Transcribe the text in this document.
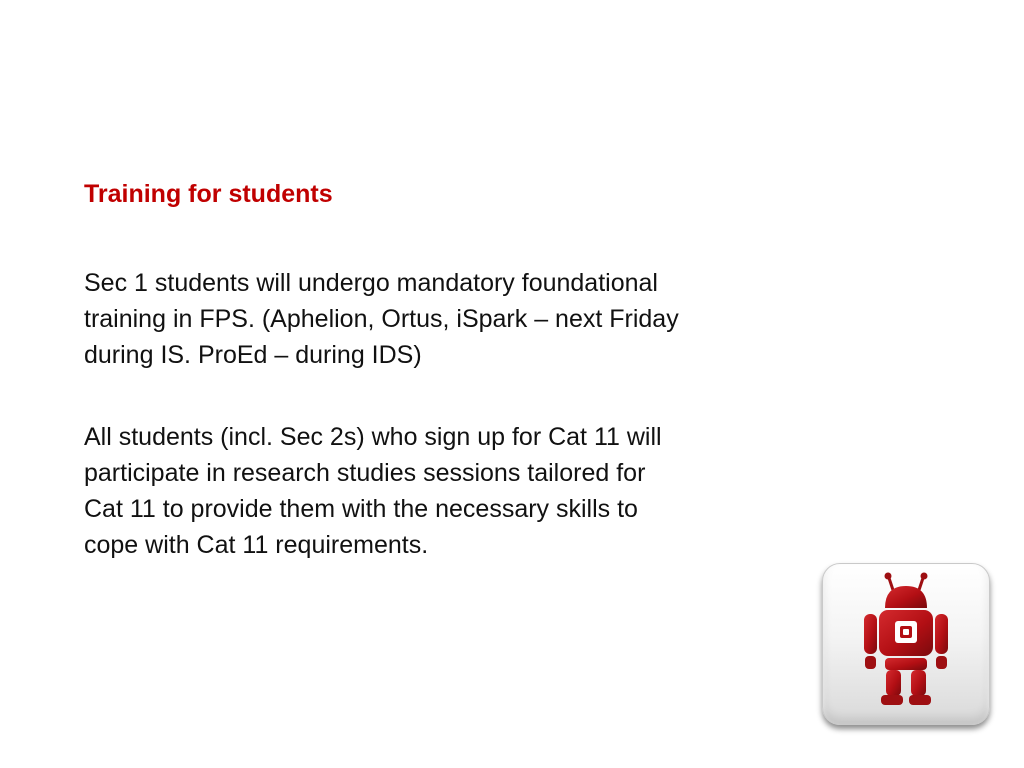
Training for students
Sec 1 students will undergo mandatory foundational
training in FPS. (Aphelion, Ortus, iSpark – next Friday
during IS. ProEd – during IDS)
All students (incl. Sec 2s) who sign up for Cat 11 will
participate in research studies sessions tailored for
Cat 11 to provide them with the necessary skills to
cope with Cat 11 requirements.
